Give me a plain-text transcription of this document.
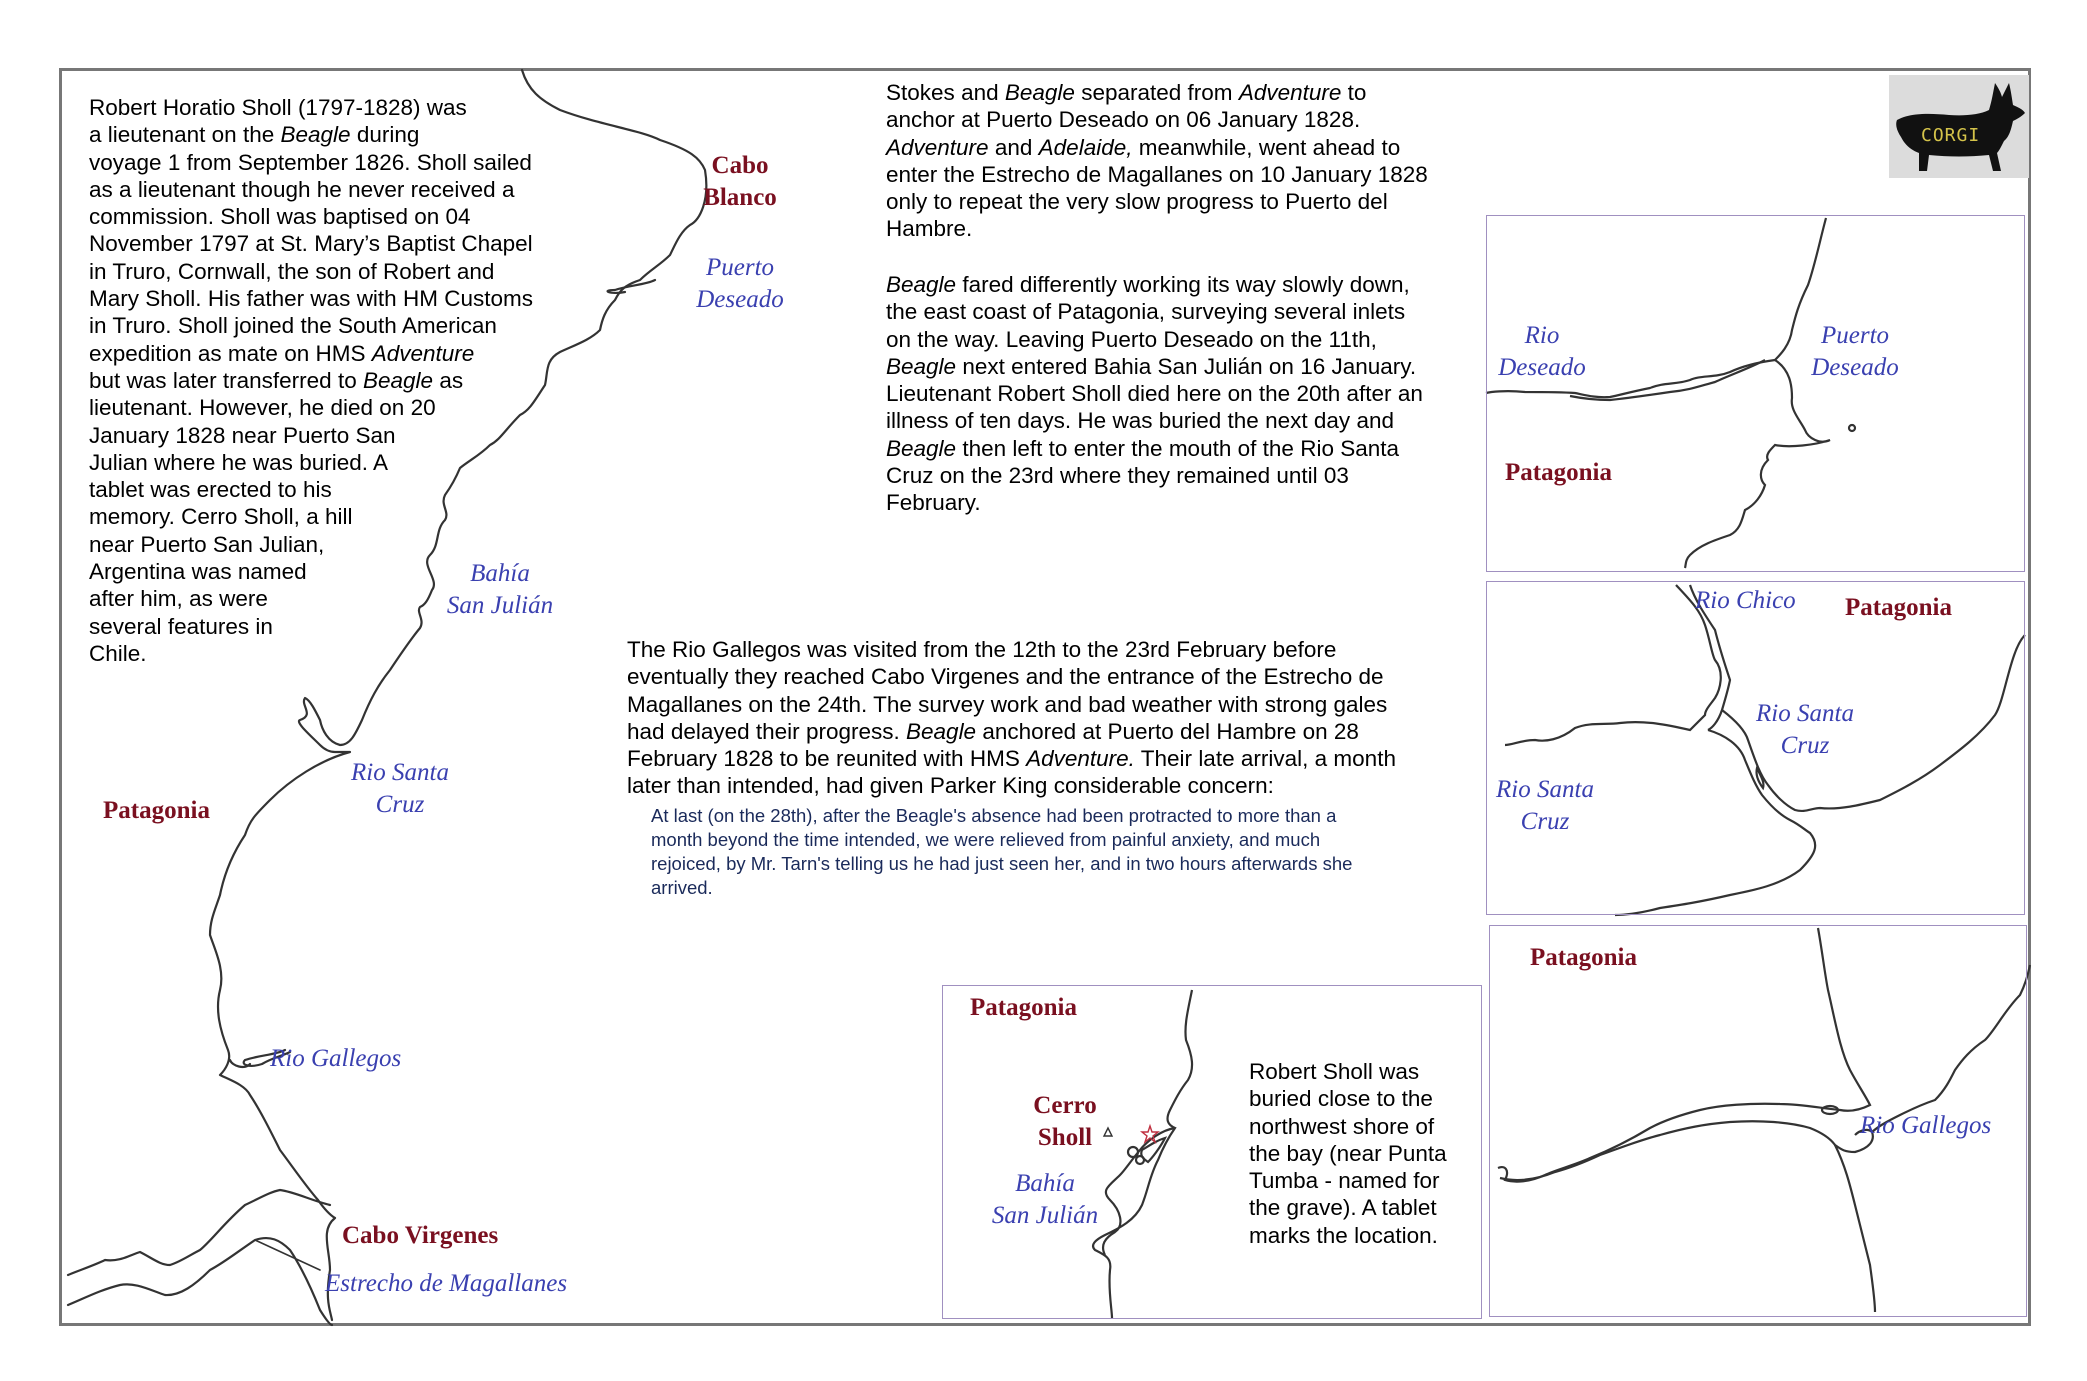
CORGI

Robert Horatio Sholl (1797-1828) was

a lieutenant on the Beagle during

voyage 1 from September 1826. Sholl sailed

as a lieutenant though he never received a

commission. Sholl was baptised on 04

November 1797 at St. Mary’s Baptist Chapel

in Truro, Cornwall, the son of Robert and

Mary Sholl. His father was with HM Customs

in Truro. Sholl joined the South American

expedition as mate on HMS Adventure

but was later transferred to Beagle as

lieutenant. However, he died on 20

January 1828 near Puerto San

Julian where he was buried. A

tablet was erected to his

memory. Cerro Sholl, a hill

near Puerto San Julian,

Argentina was named

after him, as were

several features in

Chile.

Stokes and Beagle separated from Adventure to

anchor at Puerto Deseado on 06 January 1828.

Adventure and Adelaide, meanwhile, went ahead to

enter the Estrecho de Magallanes on 10 January 1828

only to repeat the very slow progress to Puerto del

Hambre.

Beagle fared differently working its way slowly down,

the east coast of Patagonia, surveying several inlets

on the way. Leaving Puerto Deseado on the 11th,

Beagle next entered Bahia San Julián on 16 January.

Lieutenant Robert Sholl died here on the 20th after an

illness of ten days. He was buried the next day and

Beagle then left to enter the mouth of the Rio Santa

Cruz on the 23rd where they remained until 03

February.

The Rio Gallegos was visited from the 12th to the 23rd February before

eventually they reached Cabo Virgenes and the entrance of the Estrecho de

Magallanes on the 24th. The survey work and bad weather with strong gales

had delayed their progress. Beagle anchored at Puerto del Hambre on 28

February 1828 to be reunited with HMS Adventure. Their late arrival, a month

later than intended, had given Parker King considerable concern:

At last (on the 28th), after the Beagle's absence had been protracted to more than a

month beyond the time intended, we were relieved from painful anxiety, and much

rejoiced, by Mr. Tarn's telling us he had just seen her, and in two hours afterwards she

arrived.

Robert Sholl was

buried close to the

northwest shore of

the bay (near Punta

Tumba - named for

the grave). A tablet

marks the location.

Cabo
Blanco
Puerto
Deseado
Bahía
San Julián
Rio Santa
Cruz
Patagonia
Rio Gallegos
Cabo Virgenes
Estrecho de Magallanes
Rio
Deseado
Puerto
Deseado
Patagonia
Rio Chico Patagonia
Rio Santa
Cruz
Rio Santa
Cruz
Patagonia
Rio Gallegos
Patagonia
Cerro
Sholl
Bahía
San Julián
